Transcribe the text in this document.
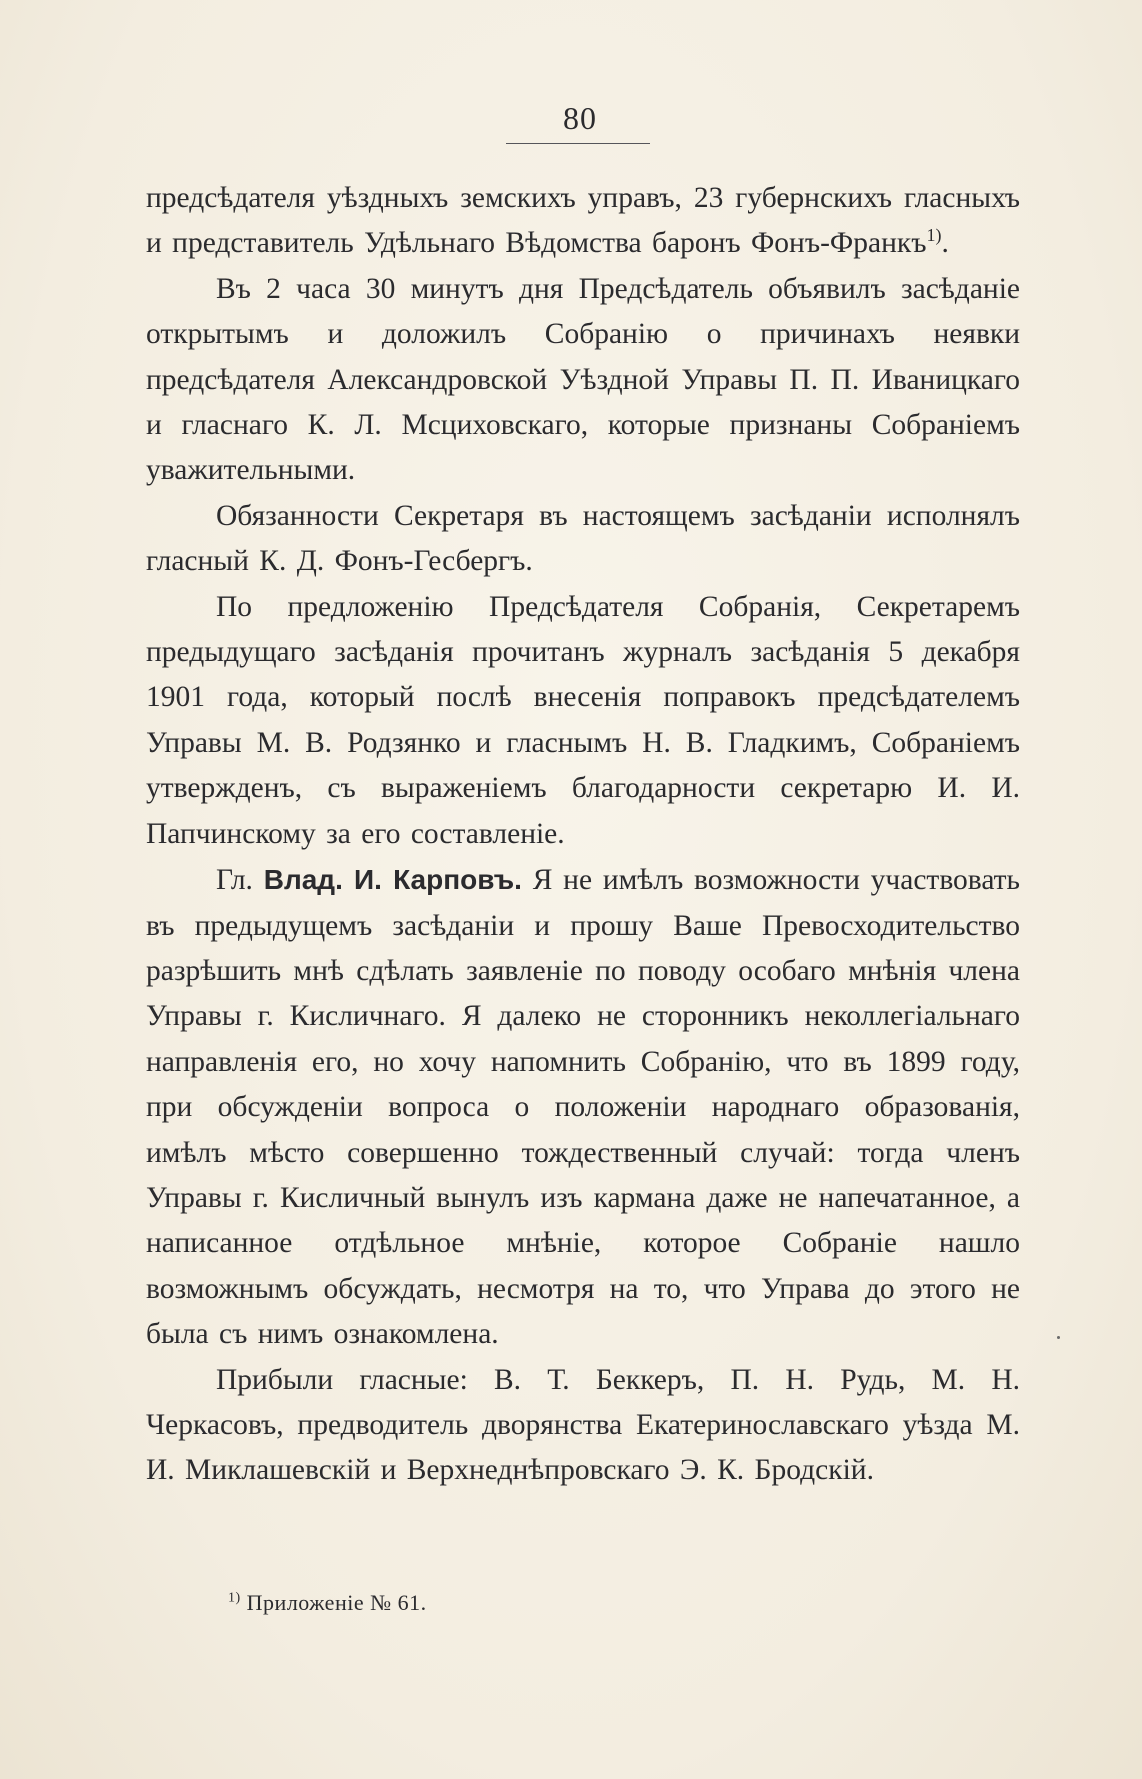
80

предсѣдателя уѣздныхъ земскихъ управъ, 23 губернскихъ гласныхъ и представитель Удѣльнаго Вѣдомства баронъ Фонъ-Франкъ$^{1)}$.

Въ 2 часа 30 минутъ дня Предсѣдатель объявилъ засѣданіе открытымъ и доложилъ Собранію о причинахъ неявки предсѣдателя Александровской Уѣздной Управы П. П. Иваницкаго и гласнаго К. Л. Мсциховскаго, которые признаны Собраніемъ уважительными.

Обязанности Секретаря въ настоящемъ засѣданіи исполнялъ гласный К. Д. Фонъ-Гесбергъ.

По предложенію Предсѣдателя Собранія, Секретаремъ предыдущаго засѣданія прочитанъ журналъ засѣданія 5 декабря 1901 года, который послѣ внесенія поправокъ предсѣдателемъ Управы М. В. Родзянко и гласнымъ Н. В. Гладкимъ, Собраніемъ утвержденъ, съ выраженіемъ благодарности секретарю И. И. Папчинскому за его составленіе.

Гл. Влад. И. Карповъ. Я не имѣлъ возможности участвовать въ предыдущемъ засѣданіи и прошу Ваше Превосходительство разрѣшить мнѣ сдѣлать заявленіе по поводу особаго мнѣнія члена Управы г. Кисличнаго. Я далеко не сторонникъ неколлегіальнаго направленія его, но хочу напомнить Собранію, что въ 1899 году, при обсужденіи вопроса о положеніи народнаго образованія, имѣлъ мѣсто совершенно тождественный случай: тогда членъ Управы г. Кисличный вынулъ изъ кармана даже не напечатанное, а написанное отдѣльное мнѣніе, которое Собраніе нашло возможнымъ обсуждать, несмотря на то, что Управа до этого не была съ нимъ ознакомлена.

Прибыли гласные: В. Т. Беккеръ, П. Н. Рудь, М. Н. Черкасовъ, предводитель дворянства Екатеринославскаго уѣзда М. И. Миклашевскій и Верхнеднѣпровскаго Э. К. Бродскій.

$^{1)}$ Приложеніе № 61.
